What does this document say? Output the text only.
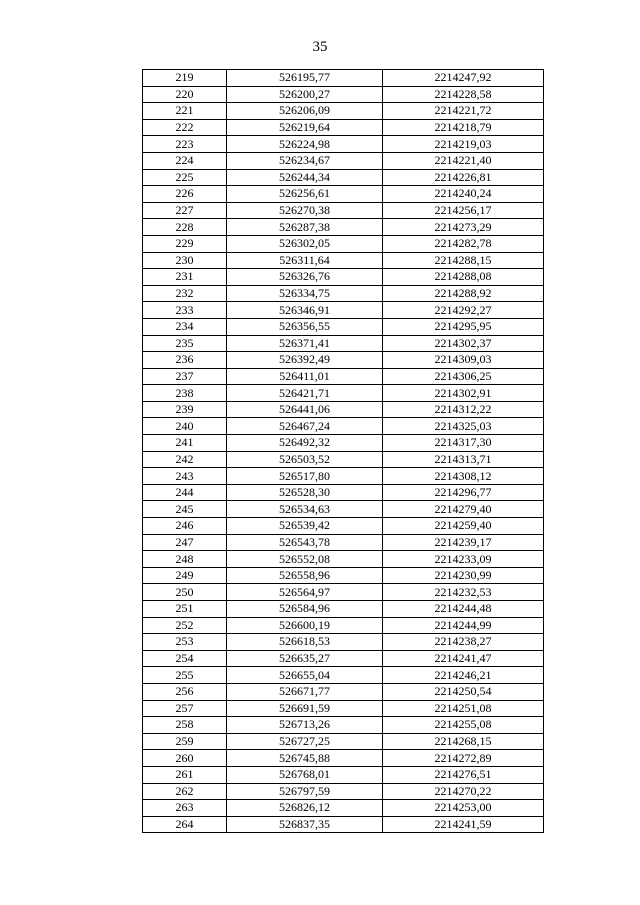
35
219	526195,77	2214247,92
220	526200,27	2214228,58
221	526206,09	2214221,72
222	526219,64	2214218,79
223	526224,98	2214219,03
224	526234,67	2214221,40
225	526244,34	2214226,81
226	526256,61	2214240,24
227	526270,38	2214256,17
228	526287,38	2214273,29
229	526302,05	2214282,78
230	526311,64	2214288,15
231	526326,76	2214288,08
232	526334,75	2214288,92
233	526346,91	2214292,27
234	526356,55	2214295,95
235	526371,41	2214302,37
236	526392,49	2214309,03
237	526411,01	2214306,25
238	526421,71	2214302,91
239	526441,06	2214312,22
240	526467,24	2214325,03
241	526492,32	2214317,30
242	526503,52	2214313,71
243	526517,80	2214308,12
244	526528,30	2214296,77
245	526534,63	2214279,40
246	526539,42	2214259,40
247	526543,78	2214239,17
248	526552,08	2214233,09
249	526558,96	2214230,99
250	526564,97	2214232,53
251	526584,96	2214244,48
252	526600,19	2214244,99
253	526618,53	2214238,27
254	526635,27	2214241,47
255	526655,04	2214246,21
256	526671,77	2214250,54
257	526691,59	2214251,08
258	526713,26	2214255,08
259	526727,25	2214268,15
260	526745,88	2214272,89
261	526768,01	2214276,51
262	526797,59	2214270,22
263	526826,12	2214253,00
264	526837,35	2214241,59
